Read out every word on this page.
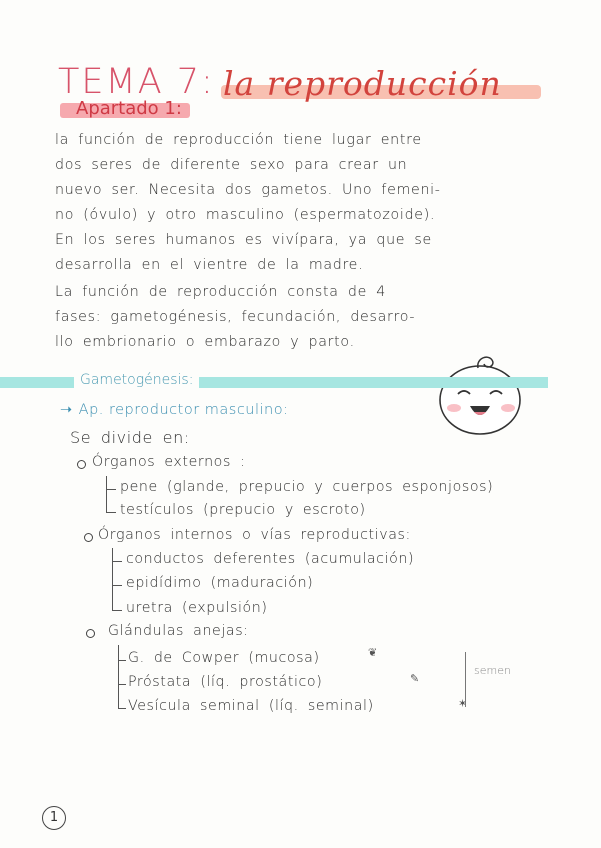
TEMA 7: la reproducción
Apartado 1:
la función de reproducción tiene lugar entre
dos seres de diferente sexo para crear un
nuevo ser. Necesita dos gametos. Uno femeni-
no (óvulo) y otro masculino (espermatozoide).
En los seres humanos es vivípara, ya que se
desarrolla en el vientre de la madre.
La función de reproducción consta de 4
fases: gametogénesis, fecundación, desarro-
llo embrionario o embarazo y parto.
Gametogénesis:
➝ Ap. reproductor masculino:
Se divide en:
Órganos externos :
pene (glande, prepucio y cuerpos esponjosos)
testículos (prepucio y escroto)
Órganos internos o vías reproductivas:
conductos deferentes (acumulación)
epidídimo (maduración)
uretra (expulsión)
Glándulas anejas:
G. de Cowper (mucosa)
Próstata (líq. prostático)
Vesícula seminal (líq. seminal)
❦
✎
✶
semen
1
